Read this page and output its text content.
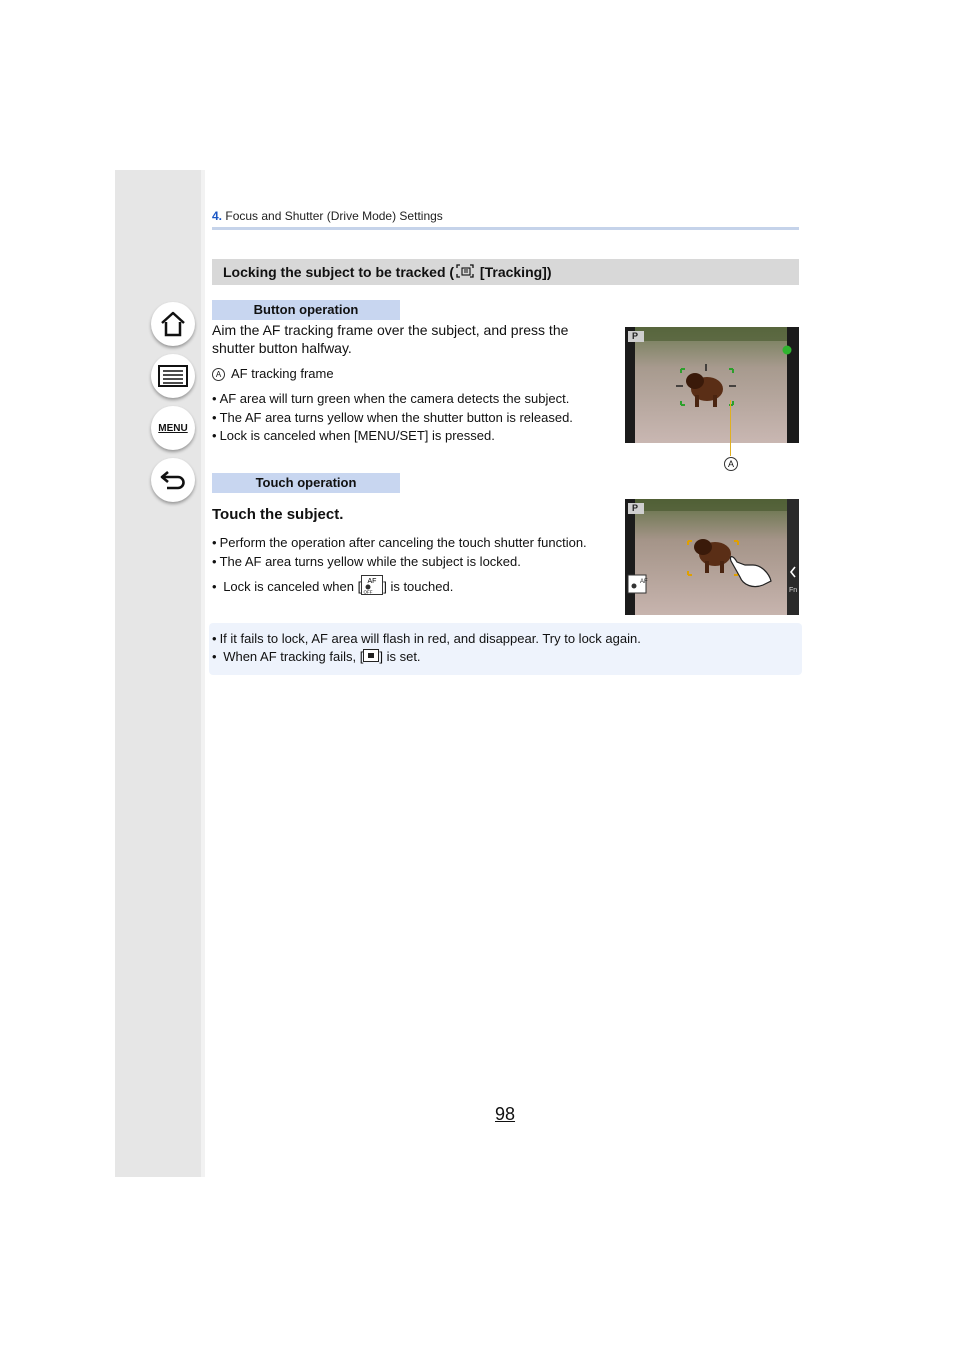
MENU
4. Focus and Shutter (Drive Mode) Settings
Locking the subject to be tracked ( [Tracking])
Button operation
Aim the AF tracking frame over the subject, and press the shutter button halfway.
A AF tracking frame
• AF area will turn green when the camera detects the subject.
• The AF area turns yellow when the shutter button is released.
• Lock is canceled when [MENU/SET] is pressed.
P
A
Touch operation
Touch the subject.
• Perform the operation after canceling the touch shutter function.
• The AF area turns yellow while the subject is locked.
• Lock is canceled when [ AF
OFF ] is touched.	AF
P
Fn
• If it fails to lock, AF area will flash in red, and disappear. Try to lock again.
• When AF tracking fails, [ ] is set.
98
